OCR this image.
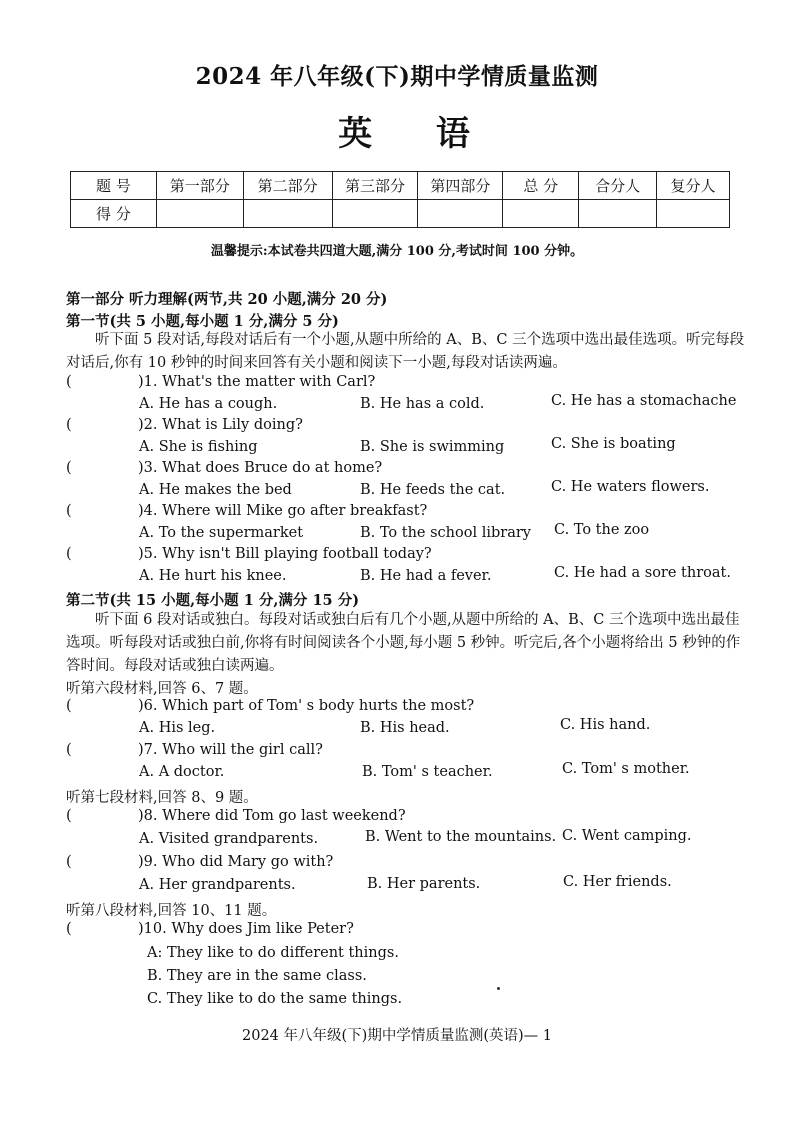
2024 年八年级(下)期中学情质量监测
英 语
题 号	第一部分	第二部分	第三部分	第四部分	总 分	合分人	复分人
得 分							
温馨提示:本试卷共四道大题,满分 100 分,考试时间 100 分钟。
第一部分 听力理解(两节,共 20 小题,满分 20 分)
第一节(共 5 小题,每小题 1 分,满分 5 分)
听下面 5 段对话,每段对话后有一个小题,从题中所给的 A、B、C 三个选项中选出最佳选项。听完每段对话后,你有 10 秒钟的时间来回答有关小题和阅读下一小题,每段对话读两遍。
(	)1. What's the matter with Carl?
A. He has a cough.	B. He has a cold.	C. He has a stomachache
(	)2. What is Lily doing?
A. She is fishing	B. She is swimming	C. She is boating
(	)3. What does Bruce do at home?
A. He makes the bed	B. He feeds the cat.	C. He waters flowers.
(	)4. Where will Mike go after breakfast?
A. To the supermarket	B. To the school library C. To the zoo
(	)5. Why isn't Bill playing football today?
A. He hurt his knee.	B. He had a fever.	C. He had a sore throat.
第二节(共 15 小题,每小题 1 分,满分 15 分)
听下面 6 段对话或独白。每段对话或独白后有几个小题,从题中所给的 A、B、C 三个选项中选出最佳选项。听每段对话或独白前,你将有时间阅读各个小题,每小题 5 秒钟。听完后,各个小题将给出 5 秒钟的作答时间。每段对话或独白读两遍。
听第六段材料,回答 6、7 题。
(	)6. Which part of Tom' s body hurts the most?
A. His leg.	B. His head.	C. His hand.
(	)7. Who will the girl call?
A. A doctor.	B. Tom' s teacher.	C. Tom' s mother.
听第七段材料,回答 8、9 题。
(	)8. Where did Tom go last weekend?
A. Visited grandparents.	B. Went to the mountains. C. Went camping.
(	)9. Who did Mary go with?
A. Her grandparents.	B. Her parents.	C. Her friends.
听第八段材料,回答 10、11 题。
(	)10. Why does Jim like Peter?
A: They like to do different things.
B. They are in the same class.
C. They like to do the same things.
2024 年八年级(下)期中学情质量监测(英语)— 1
